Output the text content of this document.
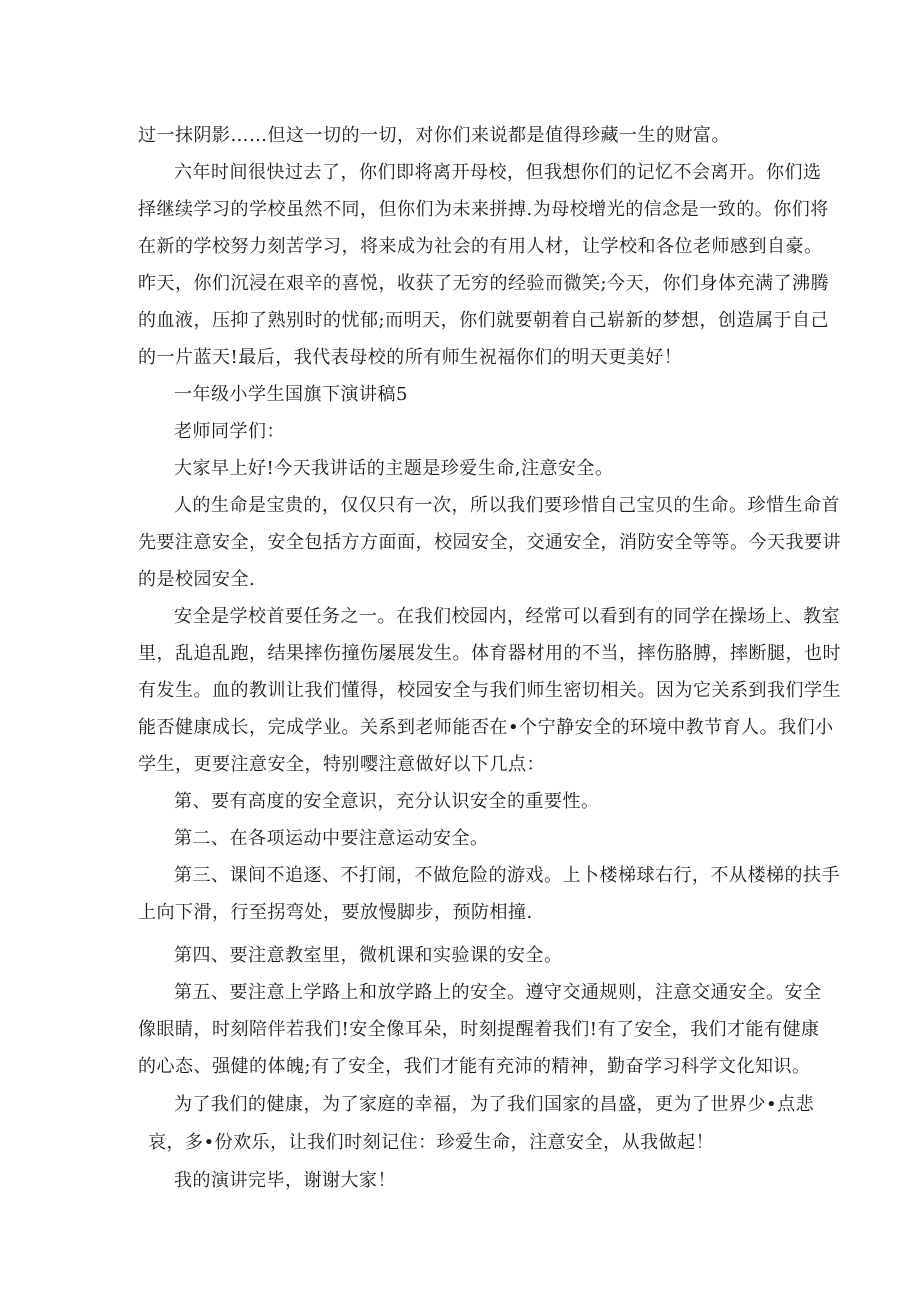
过一抹阴影……但这一切的一切，对你们来说都是值得珍藏一生的财富。
六年时间很快过去了，你们即将离开母校，但我想你们的记忆不会离开。你们选
择继续学习的学校虽然不同，但你们为未来拼搏.为母校增光的信念是一致的。你们将
在新的学校努力刻苦学习，将来成为社会的有用人材，让学校和各位老师感到自豪。
昨天，你们沉浸在艰辛的喜悦，收获了无穷的经验而微笑;今天，你们身体充满了沸腾
的血液，压抑了熟别时的忧郁;而明天，你们就要朝着自己崭新的梦想，创造属于自己
的一片蓝天!最后，我代表母校的所有师生祝福你们的明天更美好！
一年级小学生国旗下演讲稿5
老师同学们：
大家早上好!今天我讲话的主题是珍爱生命,注意安全。
人的生命是宝贵的，仅仅只有一次，所以我们要珍惜自己宝贝的生命。珍惜生命首
先要注意安全，安全包括方方面面，校园安全，交通安全，消防安全等等。今天我要讲
的是校园安全.
安全是学校首要任务之一。在我们校园内，经常可以看到有的同学在操场上、教室
里，乱追乱跑，结果摔伤撞伤屡展发生。体育器材用的不当，摔伤胳膊，摔断腿，也时
有发生。血的教训让我们懂得，校园安全与我们师生密切相关。因为它关系到我们学生
能否健康成长，完成学业。关系到老师能否在•个宁静安全的环境中教节育人。我们小
学生，更要注意安全，特别嘤注意做好以下几点：
第、要有高度的安全意识，充分认识安全的重要性。
第二、在各项运动中要注意运动安全。
第三、课间不追逐、不打闹，不做危险的游戏。上卜楼梯球右行，不从楼梯的扶手
上向下滑，行至拐弯处，要放慢脚步，预防相撞.
第四、要注意教室里，微机课和实验课的安全。
第五、要注意上学路上和放学路上的安全。遵守交通规则，注意交通安全。安全
像眼睛，时刻陪伴若我们!安全像耳朵，时刻提醒着我们!有了安全，我们才能有健康
的心态、强健的体魄;有了安全，我们才能有充沛的精神，勤奋学习科学文化知识。
为了我们的健康，为了家庭的幸福，为了我们国家的昌盛，更为了世界少•点悲
哀，多•份欢乐，让我们时刻记住：珍爱生命，注意安全，从我做起！
我的演讲完毕，谢谢大家！
